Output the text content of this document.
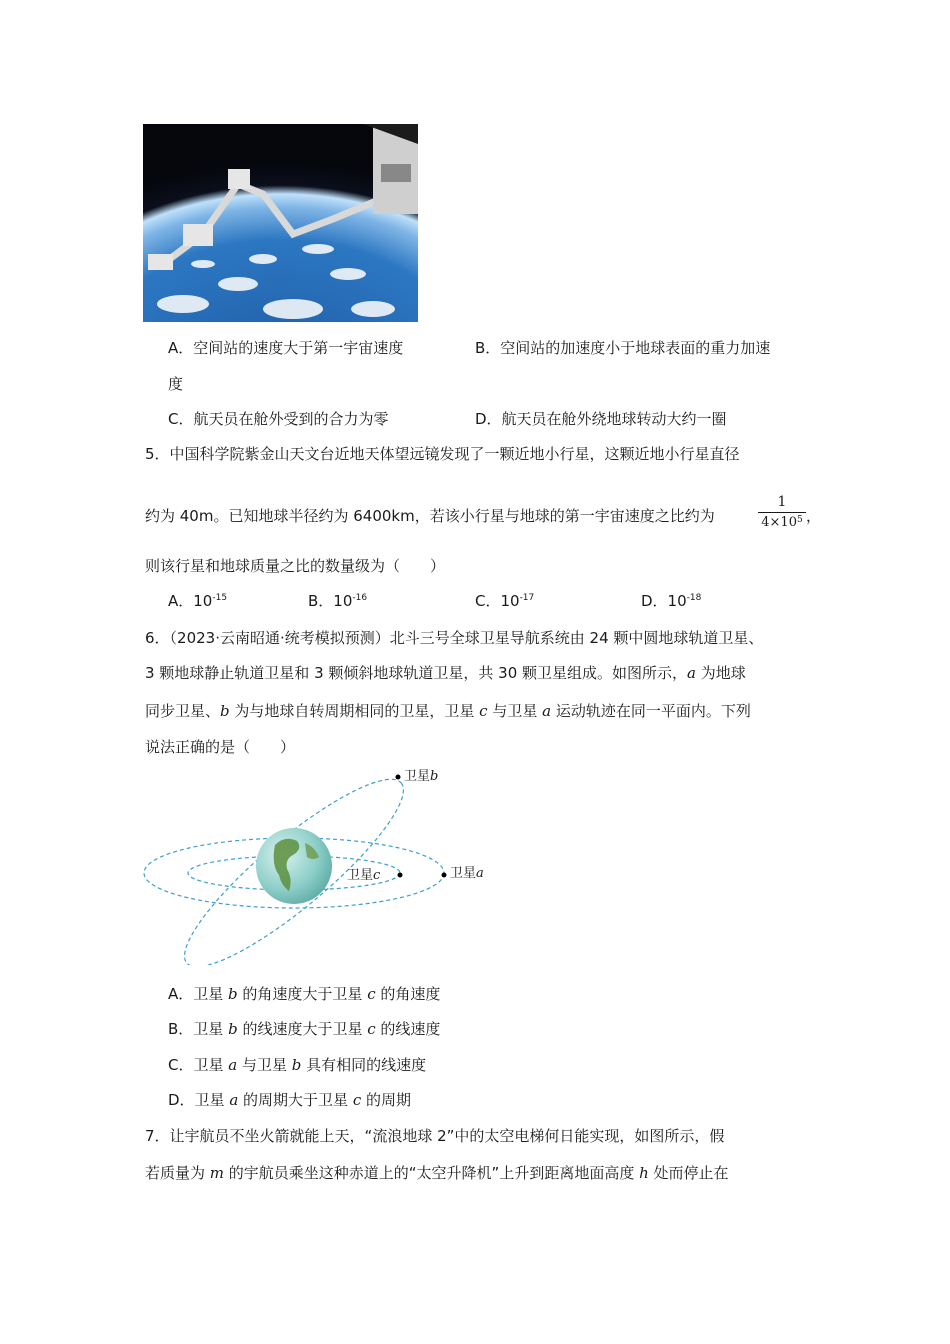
A．空间站的速度大于第一宇宙速度	B．空间站的加速度小于地球表面的重力加速
度
C．航天员在舱外受到的合力为零	D．航天员在舱外绕地球转动大约一圈
5．中国科学院紫金山天文台近地天体望远镜发现了一颗近地小行星，这颗近地小行星直径
约为 40m。已知地球半径约为 6400km，若该小行星与地球的第一宇宙速度之比约为
1
$4\times 10^5$ ，
则该行星和地球质量之比的数量级为（　　）
A．$10^{-15}$	B．$10^{-16}$	C．$10^{-17}$	D．$10^{-18}$
6．（2023·云南昭通·统考模拟预测）北斗三号全球卫星导航系统由 24 颗中圆地球轨道卫星、
3 颗地球静止轨道卫星和 3 颗倾斜地球轨道卫星，共 30 颗卫星组成。如图所示，a 为地球
同步卫星、b 为与地球自转周期相同的卫星，卫星 c 与卫星 a 运动轨迹在同一平面内。下列
说法正确的是（　　）
卫星b
卫星c	卫星a
A．卫星 b 的角速度大于卫星 c 的角速度
B．卫星 b 的线速度大于卫星 c 的线速度
C．卫星 a 与卫星 b 具有相同的线速度
D．卫星 a 的周期大于卫星 c 的周期
7．让宇航员不坐火箭就能上天，“流浪地球 2”中的太空电梯何日能实现，如图所示，假
若质量为 m 的宇航员乘坐这种赤道上的“太空升降机”上升到距离地面高度 h 处而停止在
